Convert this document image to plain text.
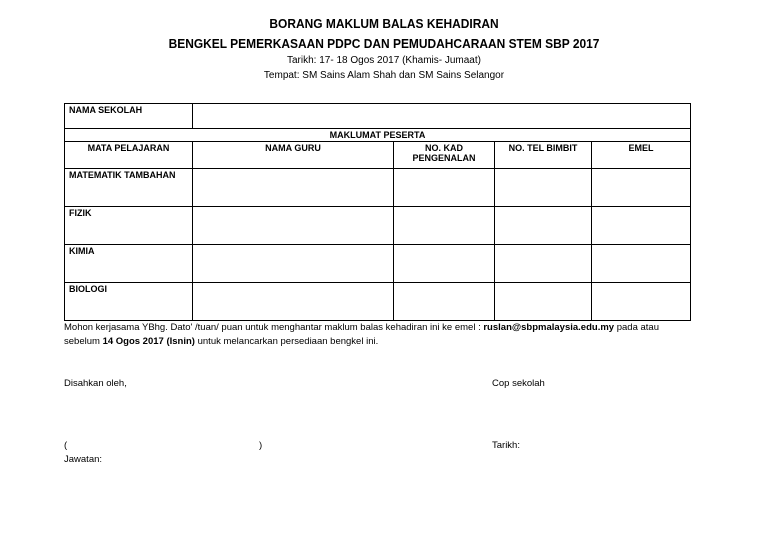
BORANG MAKLUM BALAS KEHADIRAN
BENGKEL PEMERKASAAN PDPC DAN PEMUDAHCARAAN STEM SBP 2017
Tarikh: 17- 18 Ogos 2017 (Khamis- Jumaat)
Tempat: SM Sains Alam Shah dan SM Sains Selangor
NAMA SEKOLAH				
MAKLUMAT PESERTA				
MATA PELAJARAN	NAMA GURU	NO. KAD PENGENALAN	NO. TEL BIMBIT	EMEL
MATEMATIK TAMBAHAN				
FIZIK				
KIMIA				
BIOLOGI				
Mohon kerjasama YBhg. Dato' /tuan/ puan untuk menghantar maklum balas kehadiran ini ke emel : ruslan@sbpmalaysia.edu.my pada atau sebelum 14 Ogos 2017 (Isnin) untuk melancarkan persediaan bengkel ini.
Disahkan oleh,	Cop sekolah
(	)	Tarikh:
Jawatan:
